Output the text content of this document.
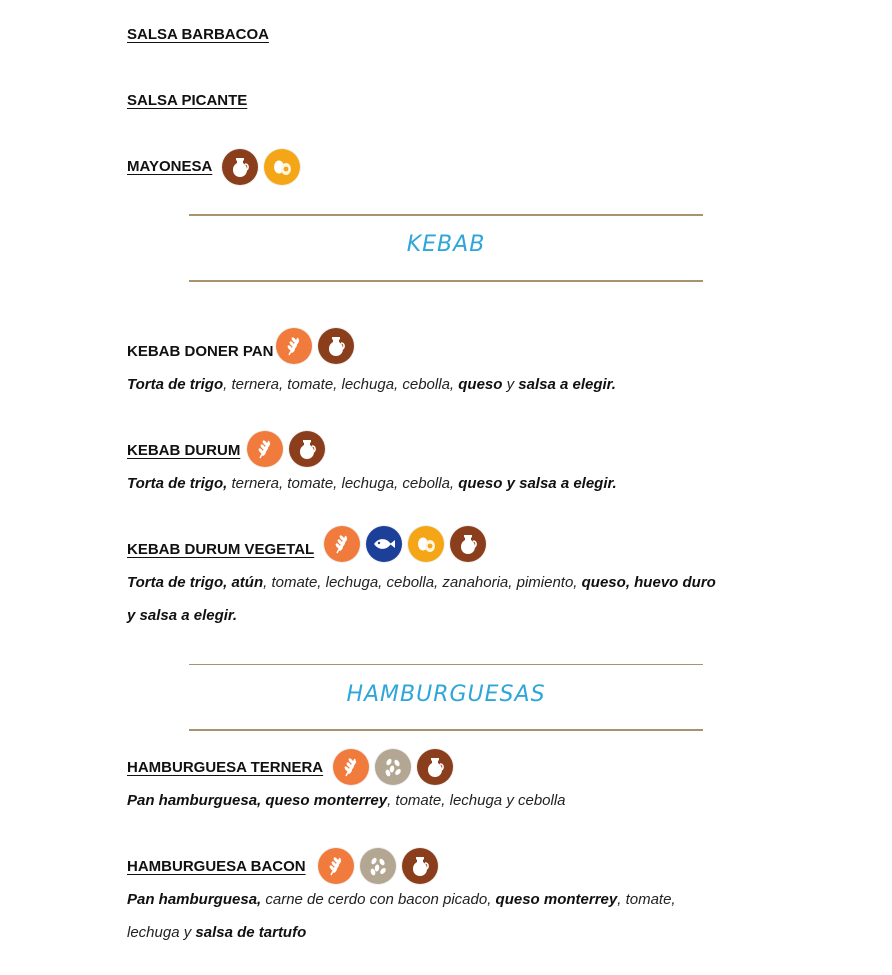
SALSA BARBACOA
SALSA PICANTE
MAYONESA
KEBAB
KEBAB DONER PAN
Torta de trigo, ternera, tomate, lechuga, cebolla, queso y salsa a elegir.
KEBAB DURUM
Torta de trigo, ternera, tomate, lechuga, cebolla, queso y salsa a elegir.
KEBAB DURUM VEGETAL
Torta de trigo, atún, tomate, lechuga, cebolla, zanahoria, pimiento, queso, huevo duro
y salsa a elegir.
HAMBURGUESAS
HAMBURGUESA TERNERA
Pan hamburguesa, queso monterrey, tomate, lechuga y cebolla
HAMBURGUESA BACON
Pan hamburguesa, carne de cerdo con bacon picado, queso monterrey, tomate,
lechuga y salsa de tartufo
